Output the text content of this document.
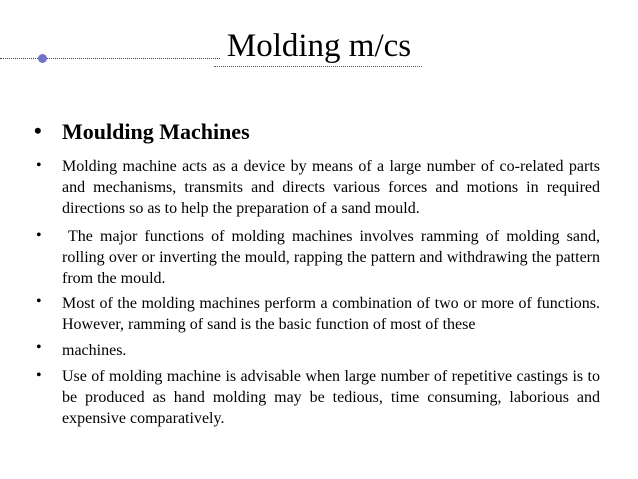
Molding m/cs
• Moulding Machines
•	Molding machine acts as a device by means of a large number of co-related parts and mechanisms, transmits and directs various forces and motions in required directions so as to help the preparation of a sand mould.
•	The major functions of molding machines involves ramming of molding sand, rolling over or inverting the mould, rapping the pattern and withdrawing the pattern from the mould.
•	Most of the molding machines perform a combination of two or more of functions. However, ramming of sand is the basic function of most of these
•	machines.
•	Use of molding machine is advisable when large number of repetitive castings is to be produced as hand molding may be tedious, time consuming, laborious and expensive comparatively.
